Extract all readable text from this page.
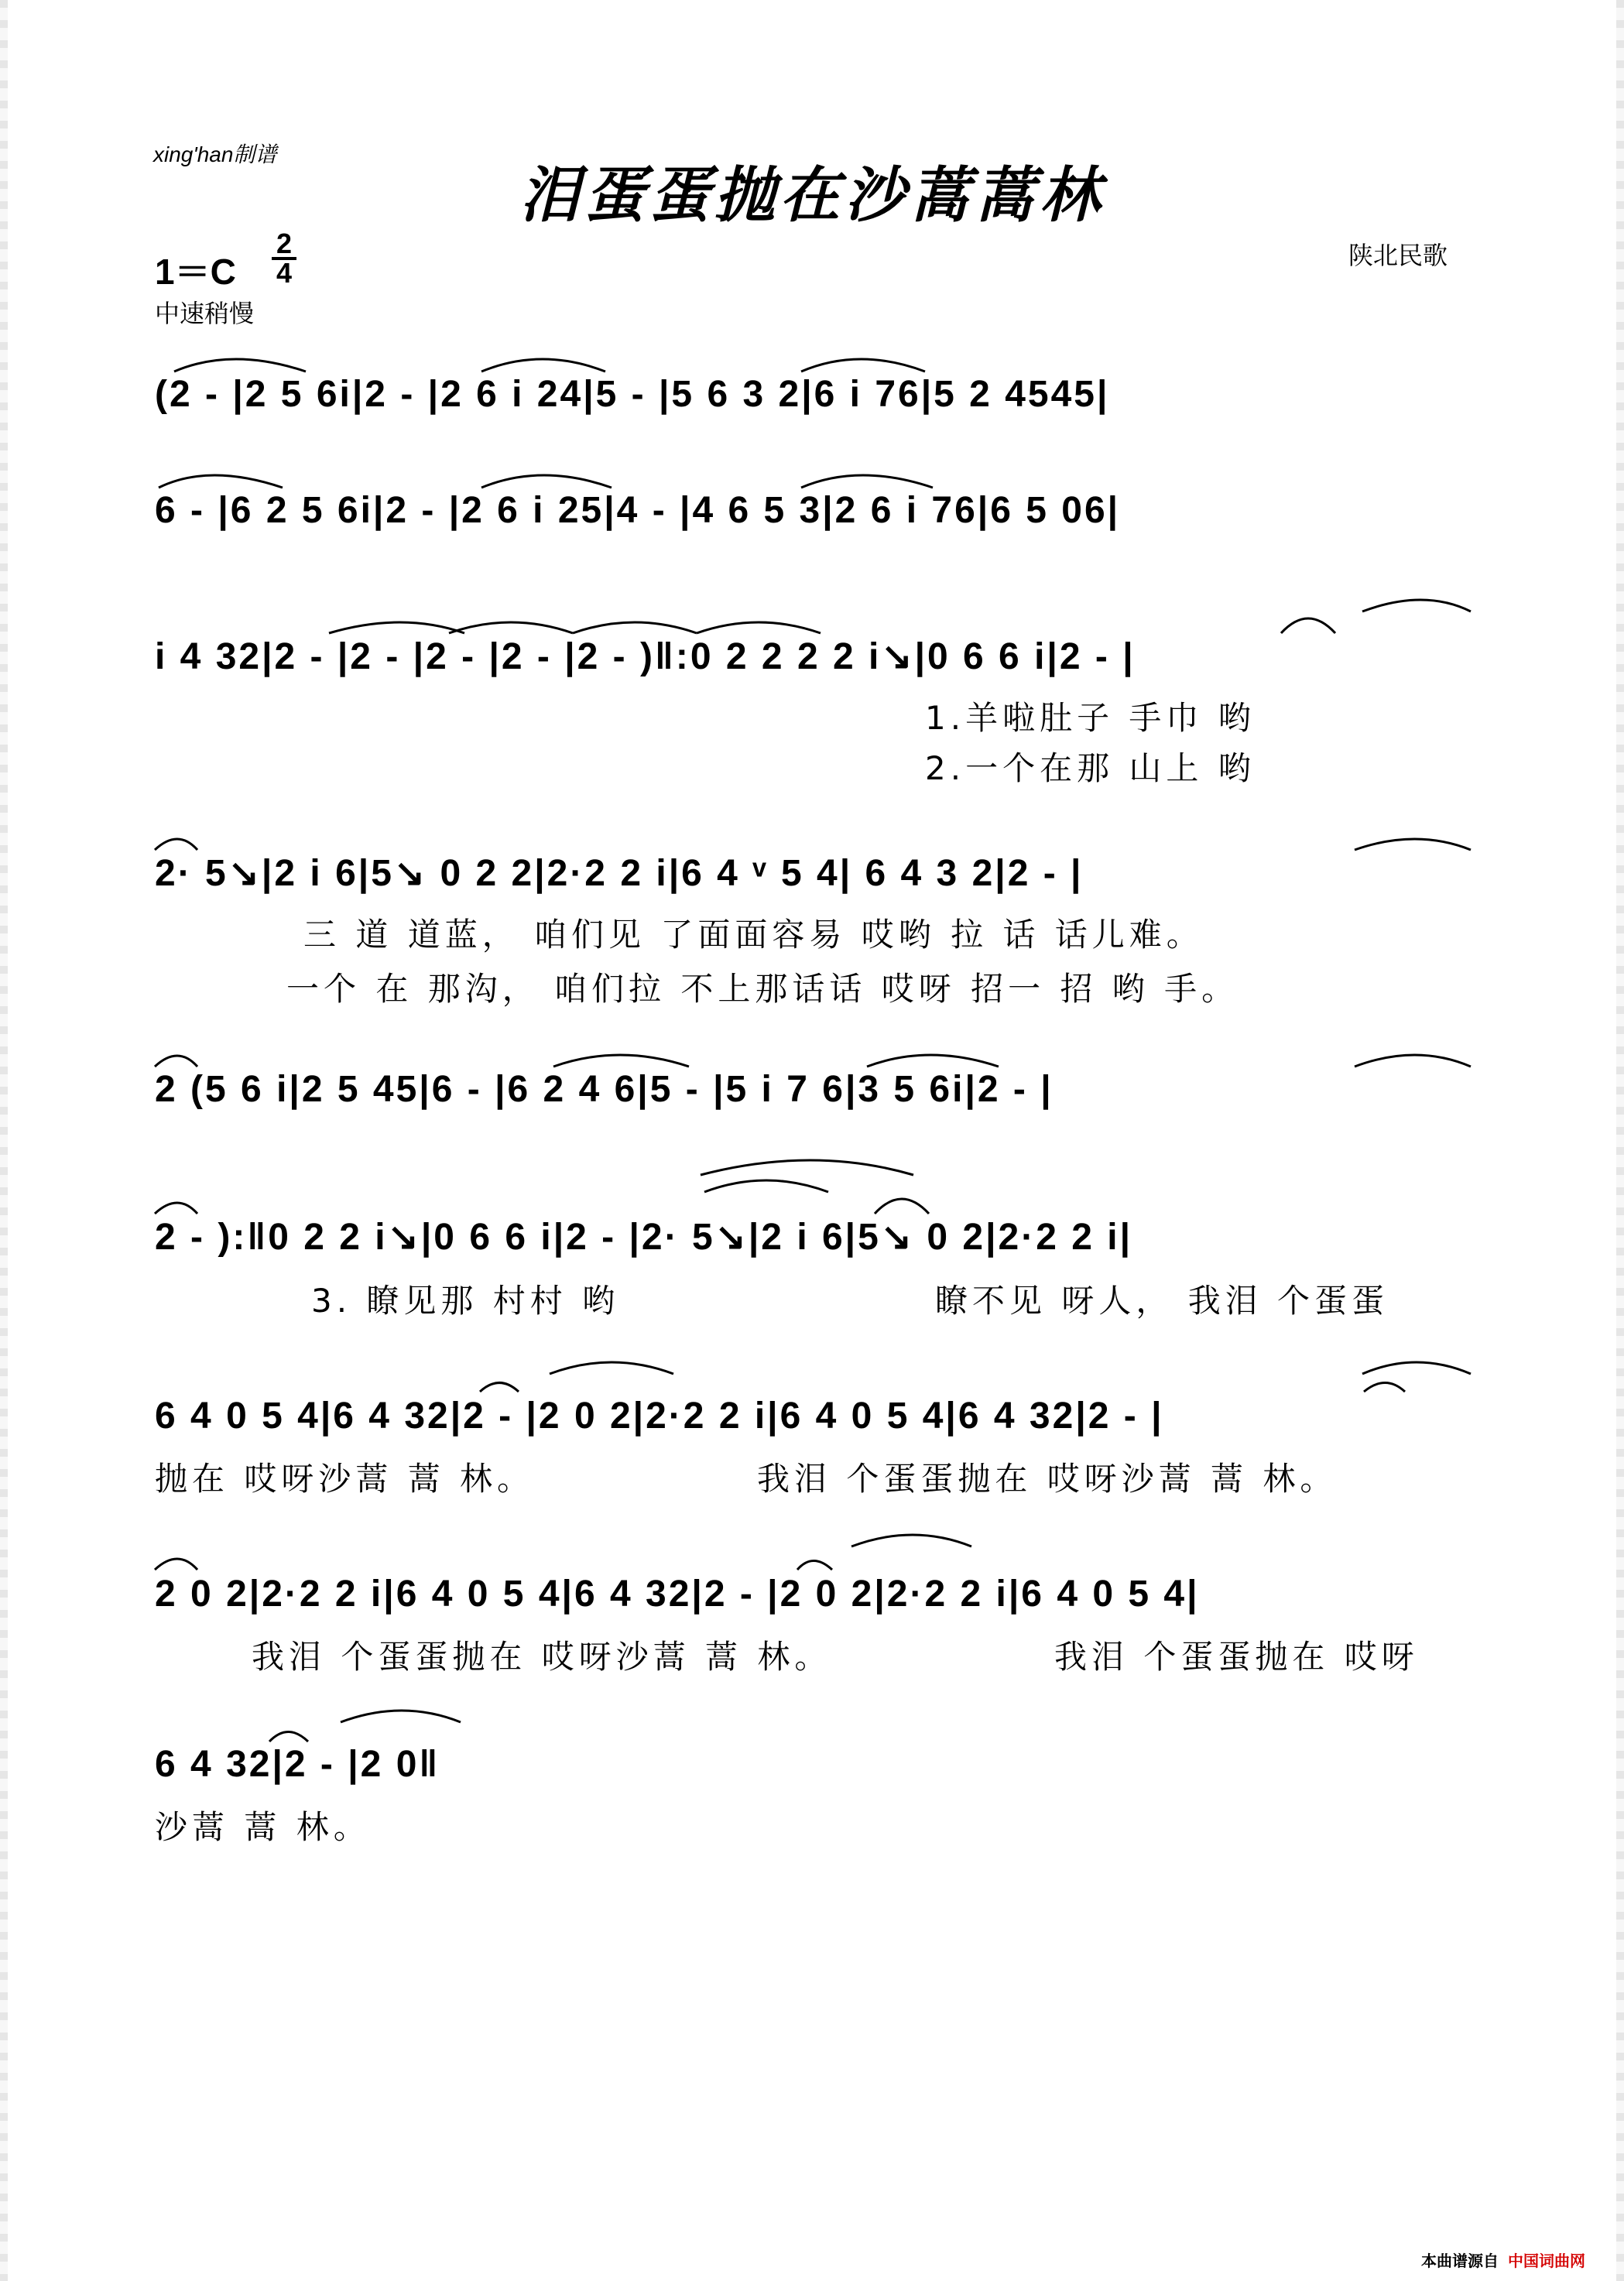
xing'han制谱
泪蛋蛋抛在沙蒿蒿林
1＝C
2
4
中速稍慢
陕北民歌
(2 - |2 5 6i|2 - |2 6 i 24|5 - |5 6 3 2|6 i 76|5 2 4545|
6 - |6 2 5 6i|2 - |2 6 i 25|4 - |4 6 5 3|2 6 i 76|6 5 06|
i 4 32|2 - |2 - |2 - |2 - |2 - )‖:0 2 2 2 2 i↘|0 6 6 i|2 - |
1.羊啦肚子 手巾 哟
2.一个在那 山上 哟
2· 5↘|2 i 6|5↘ 0 2 2|2·2 2 i|6 4 ᵛ 5 4| 6 4 3 2|2 - |
三 道 道蓝， 咱们见 了面面容易 哎哟 拉 话 话儿难。
一个 在 那沟， 咱们拉 不上那话话 哎呀 招一 招 哟 手。
2 (5 6 i|2 5 45|6 - |6 2 4 6|5 - |5 i 7 6|3 5 6i|2 - |
2 - ):‖0 2 2 i↘|0 6 6 i|2 - |2· 5↘|2 i 6|5↘ 0 2|2·2 2 i|
3. 瞭见那 村村 哟	瞭不见 呀人， 我泪 个蛋蛋
6 4 0 5 4|6 4 32|2 - |2 0 2|2·2 2 i|6 4 0 5 4|6 4 32|2 - |
抛在 哎呀沙蒿 蒿 林。	我泪 个蛋蛋抛在 哎呀沙蒿 蒿 林。
2 0 2|2·2 2 i|6 4 0 5 4|6 4 32|2 - |2 0 2|2·2 2 i|6 4 0 5 4|
我泪 个蛋蛋抛在 哎呀沙蒿 蒿 林。	我泪 个蛋蛋抛在 哎呀
6 4 32|2 - |2 0‖
沙蒿 蒿 林。
本曲谱源自 中国词曲网
